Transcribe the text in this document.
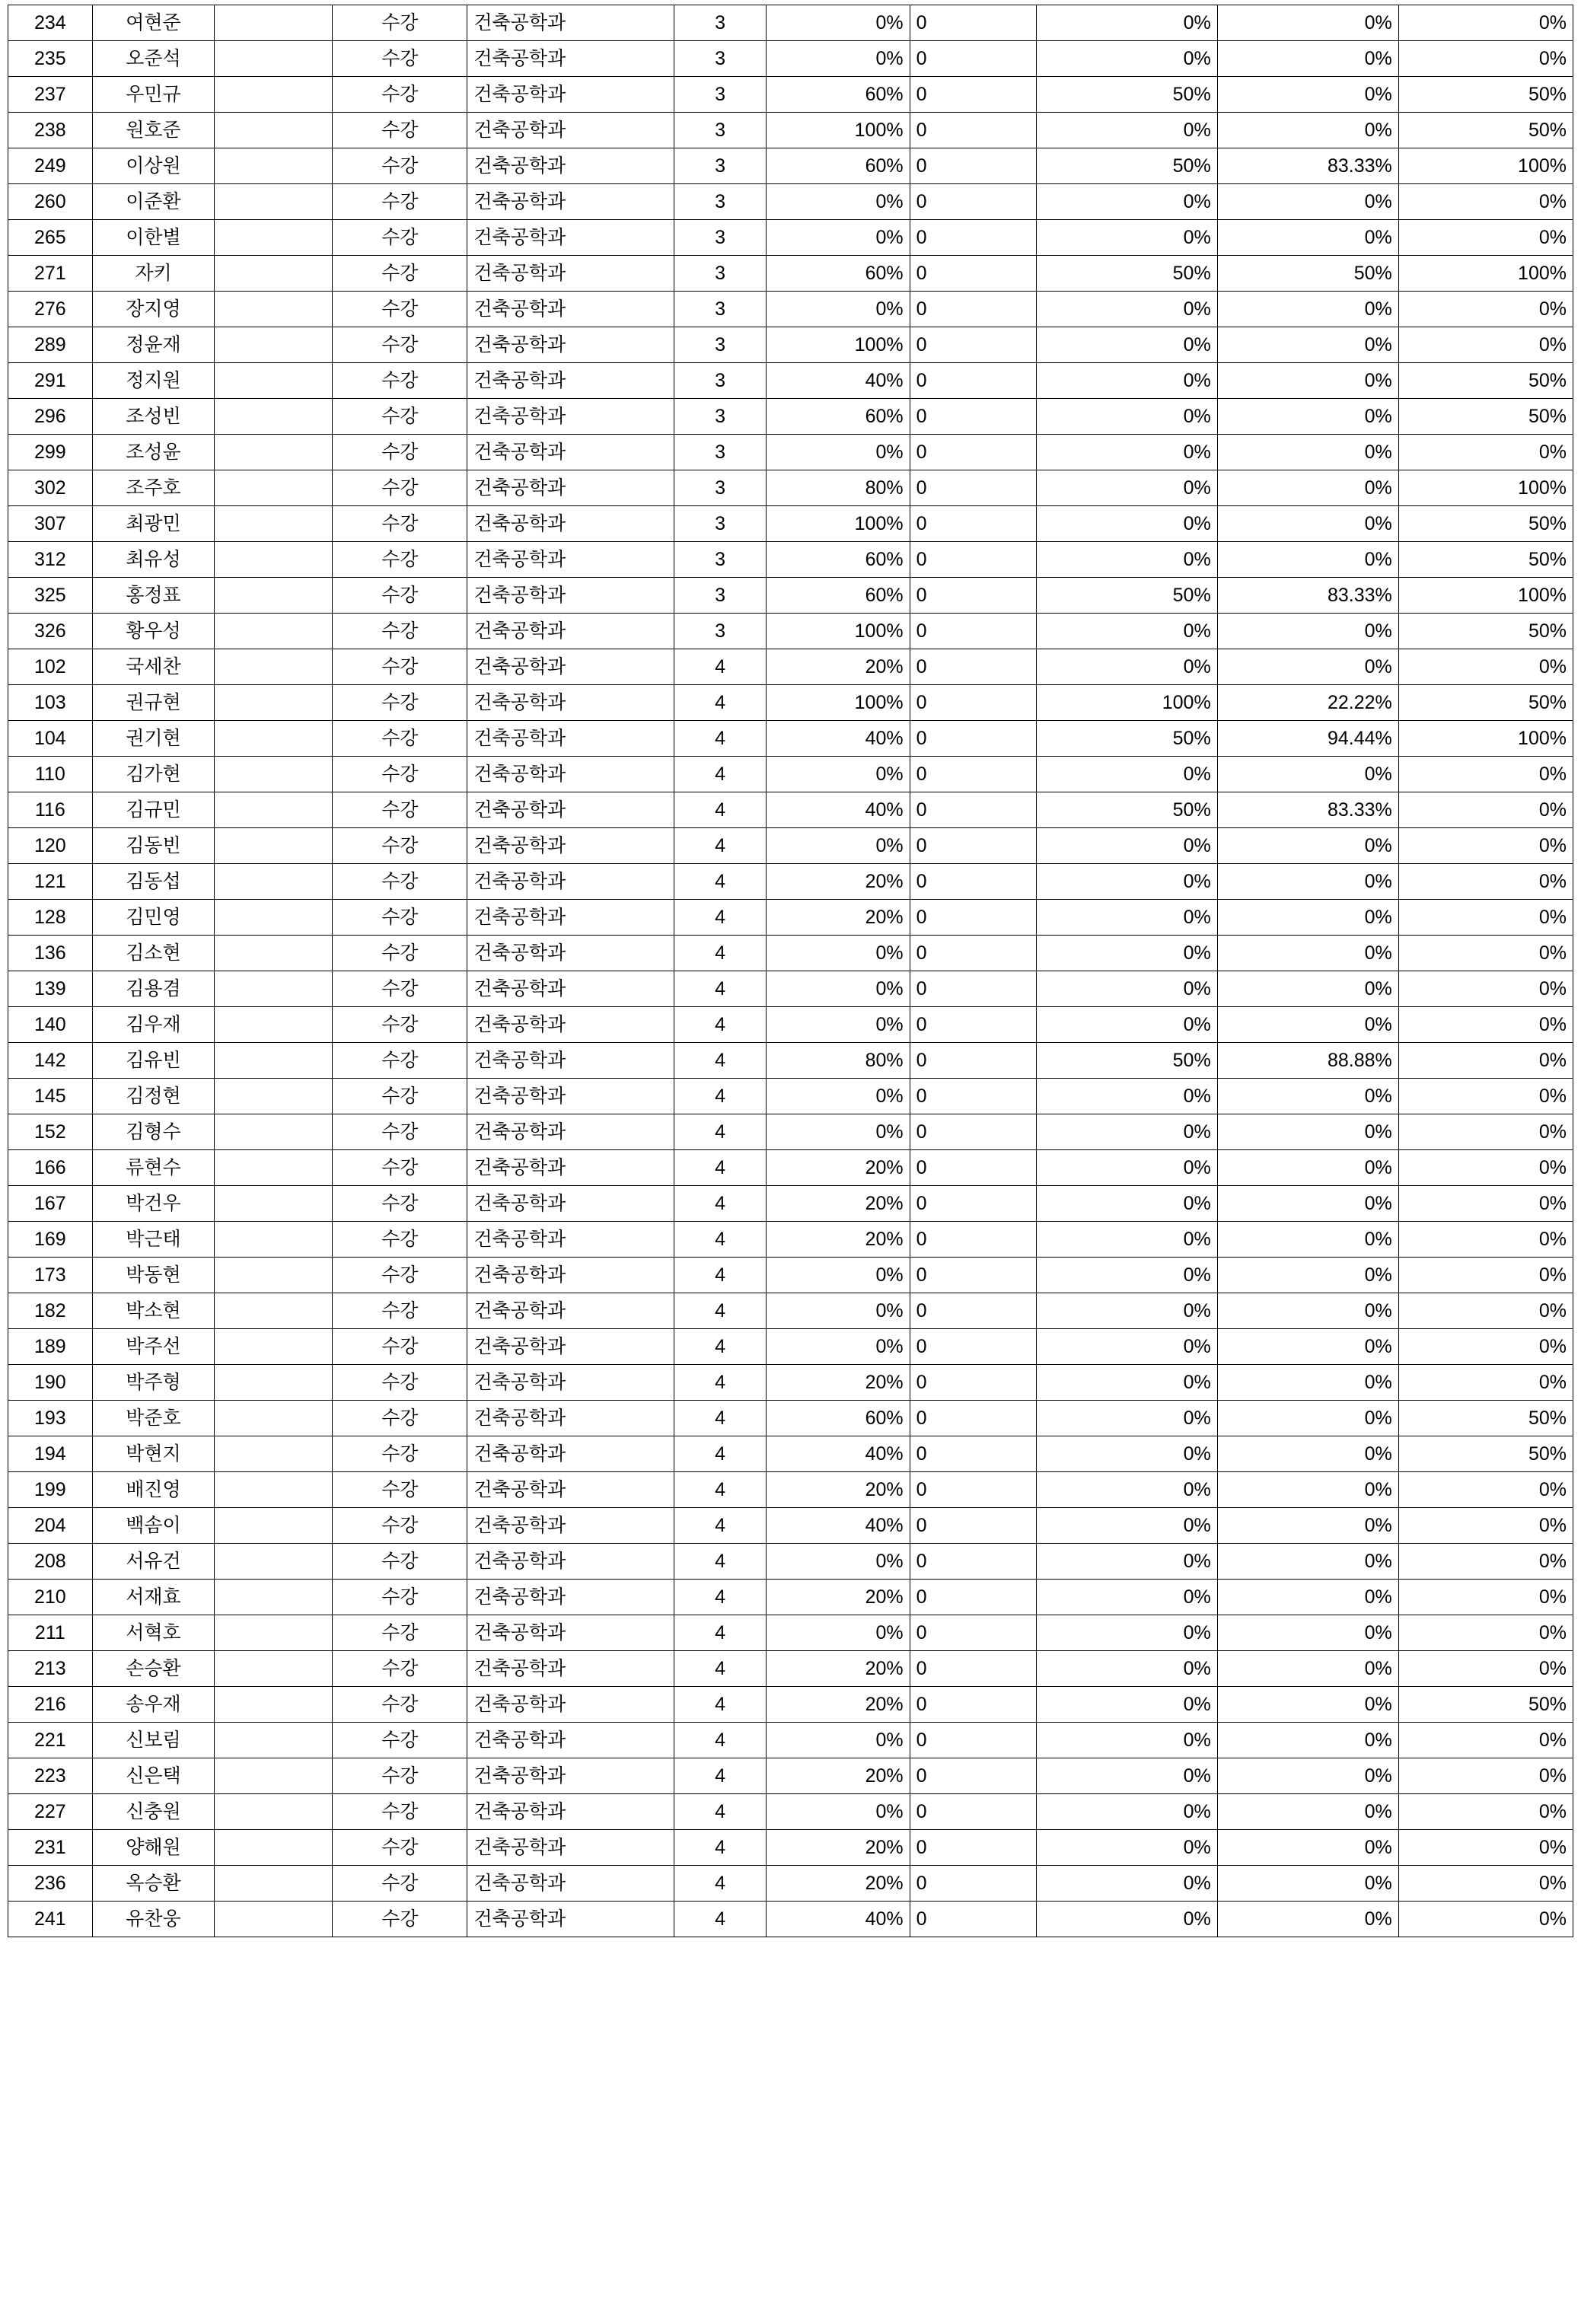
234	여현준		수강	건축공학과	3	0%	0	0%	0%	0%
235	오준석		수강	건축공학과	3	0%	0	0%	0%	0%
237	우민규		수강	건축공학과	3	60%	0	50%	0%	50%
238	원호준		수강	건축공학과	3	100%	0	0%	0%	50%
249	이상원		수강	건축공학과	3	60%	0	50%	83.33%	100%
260	이준환		수강	건축공학과	3	0%	0	0%	0%	0%
265	이한별		수강	건축공학과	3	0%	0	0%	0%	0%
271	자키		수강	건축공학과	3	60%	0	50%	50%	100%
276	장지영		수강	건축공학과	3	0%	0	0%	0%	0%
289	정윤재		수강	건축공학과	3	100%	0	0%	0%	0%
291	정지원		수강	건축공학과	3	40%	0	0%	0%	50%
296	조성빈		수강	건축공학과	3	60%	0	0%	0%	50%
299	조성윤		수강	건축공학과	3	0%	0	0%	0%	0%
302	조주호		수강	건축공학과	3	80%	0	0%	0%	100%
307	최광민		수강	건축공학과	3	100%	0	0%	0%	50%
312	최유성		수강	건축공학과	3	60%	0	0%	0%	50%
325	홍정표		수강	건축공학과	3	60%	0	50%	83.33%	100%
326	황우성		수강	건축공학과	3	100%	0	0%	0%	50%
102	국세찬		수강	건축공학과	4	20%	0	0%	0%	0%
103	권규현		수강	건축공학과	4	100%	0	100%	22.22%	50%
104	권기현		수강	건축공학과	4	40%	0	50%	94.44%	100%
110	김가현		수강	건축공학과	4	0%	0	0%	0%	0%
116	김규민		수강	건축공학과	4	40%	0	50%	83.33%	0%
120	김동빈		수강	건축공학과	4	0%	0	0%	0%	0%
121	김동섭		수강	건축공학과	4	20%	0	0%	0%	0%
128	김민영		수강	건축공학과	4	20%	0	0%	0%	0%
136	김소현		수강	건축공학과	4	0%	0	0%	0%	0%
139	김용겸		수강	건축공학과	4	0%	0	0%	0%	0%
140	김우재		수강	건축공학과	4	0%	0	0%	0%	0%
142	김유빈		수강	건축공학과	4	80%	0	50%	88.88%	0%
145	김정현		수강	건축공학과	4	0%	0	0%	0%	0%
152	김형수		수강	건축공학과	4	0%	0	0%	0%	0%
166	류현수		수강	건축공학과	4	20%	0	0%	0%	0%
167	박건우		수강	건축공학과	4	20%	0	0%	0%	0%
169	박근태		수강	건축공학과	4	20%	0	0%	0%	0%
173	박동현		수강	건축공학과	4	0%	0	0%	0%	0%
182	박소현		수강	건축공학과	4	0%	0	0%	0%	0%
189	박주선		수강	건축공학과	4	0%	0	0%	0%	0%
190	박주형		수강	건축공학과	4	20%	0	0%	0%	0%
193	박준호		수강	건축공학과	4	60%	0	0%	0%	50%
194	박현지		수강	건축공학과	4	40%	0	0%	0%	50%
199	배진영		수강	건축공학과	4	20%	0	0%	0%	0%
204	백솜이		수강	건축공학과	4	40%	0	0%	0%	0%
208	서유건		수강	건축공학과	4	0%	0	0%	0%	0%
210	서재효		수강	건축공학과	4	20%	0	0%	0%	0%
211	서혁호		수강	건축공학과	4	0%	0	0%	0%	0%
213	손승환		수강	건축공학과	4	20%	0	0%	0%	0%
216	송우재		수강	건축공학과	4	20%	0	0%	0%	50%
221	신보림		수강	건축공학과	4	0%	0	0%	0%	0%
223	신은택		수강	건축공학과	4	20%	0	0%	0%	0%
227	신충원		수강	건축공학과	4	0%	0	0%	0%	0%
231	양해원		수강	건축공학과	4	20%	0	0%	0%	0%
236	옥승환		수강	건축공학과	4	20%	0	0%	0%	0%
241	유찬웅		수강	건축공학과	4	40%	0	0%	0%	0%
